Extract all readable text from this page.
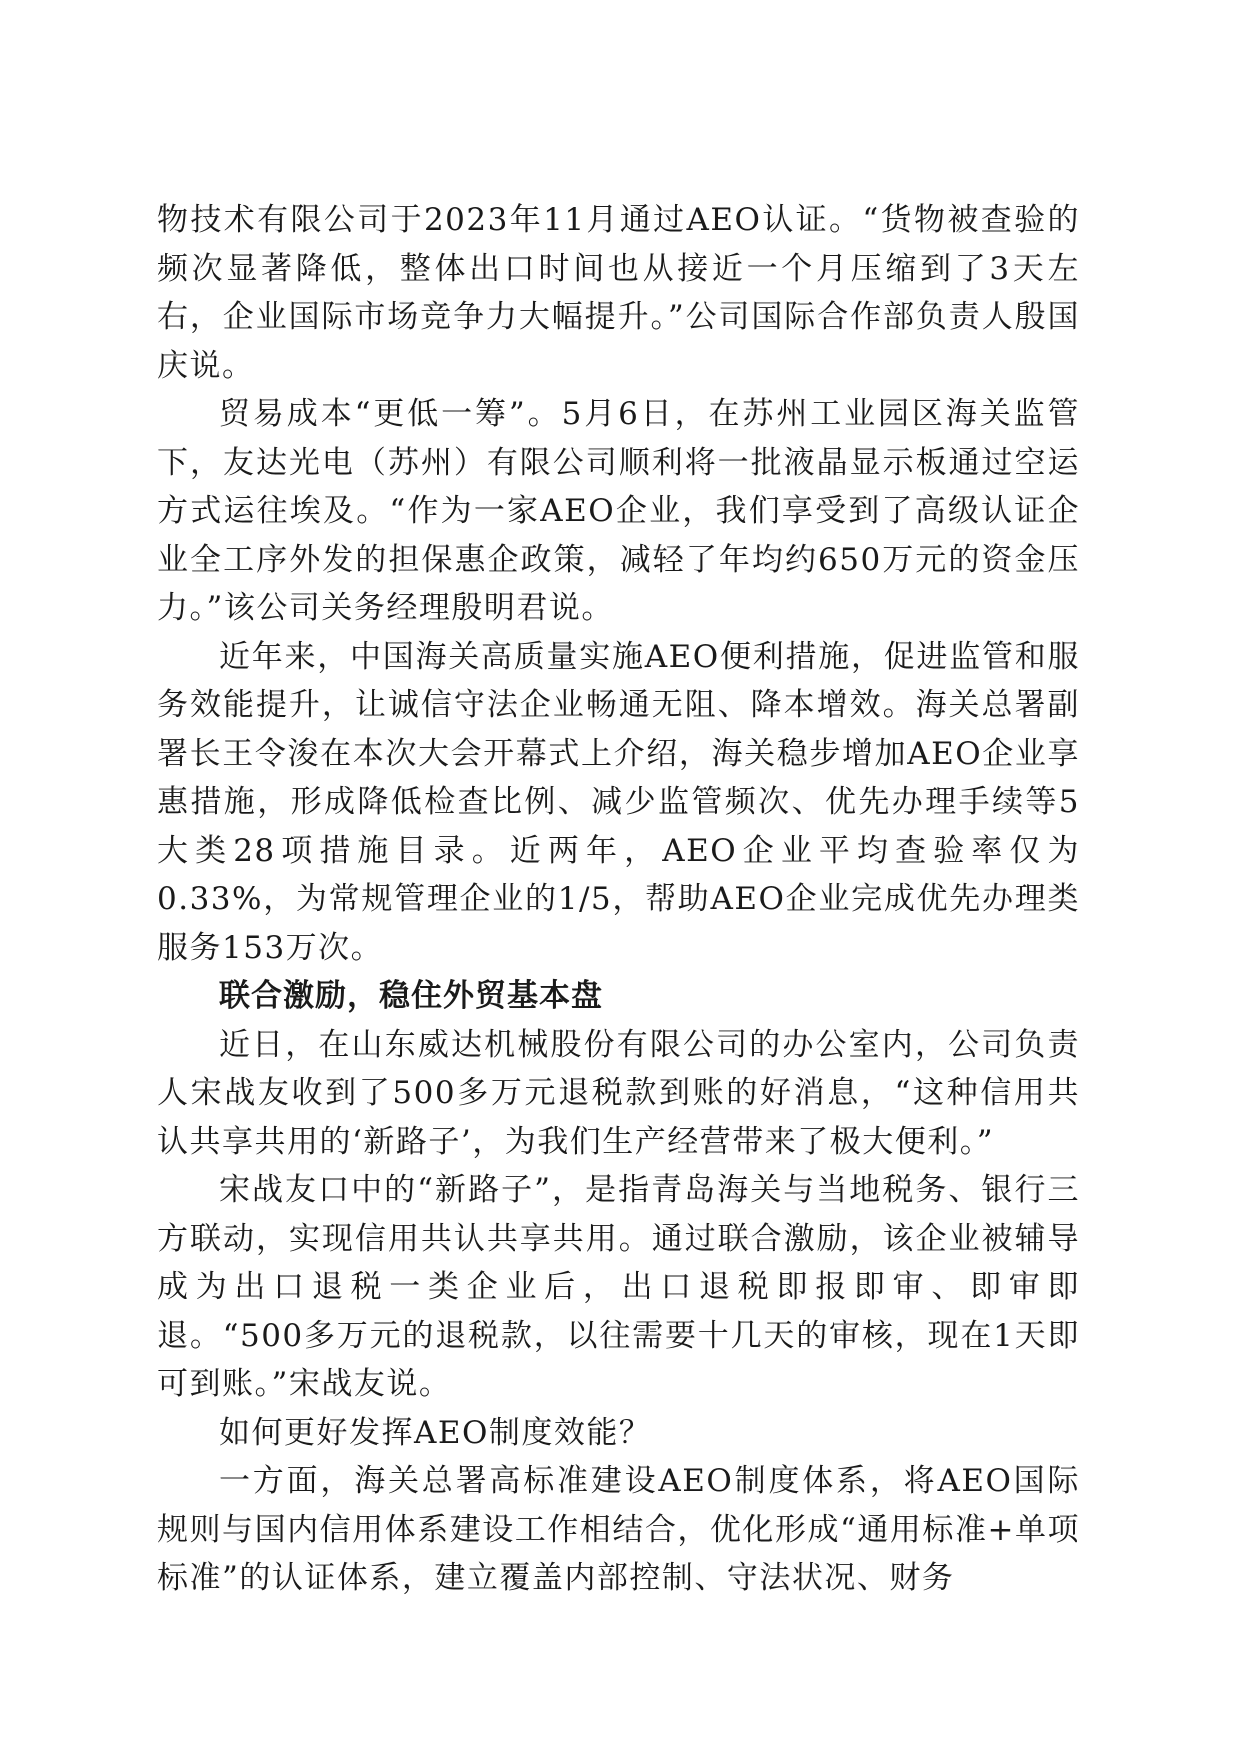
物技术有限公司于2023年11月通过AEO认证。“货物被查验的频次显著降低，整体出口时间也从接近一个月压缩到了3天左右，企业国际市场竞争力大幅提升。”公司国际合作部负责人殷国庆说。

贸易成本“更低一筹”。5月6日，在苏州工业园区海关监管下，友达光电（苏州）有限公司顺利将一批液晶显示板通过空运方式运往埃及。“作为一家AEO企业，我们享受到了高级认证企业全工序外发的担保惠企政策，减轻了年均约650万元的资金压力。”该公司关务经理殷明君说。

近年来，中国海关高质量实施AEO便利措施，促进监管和服务效能提升，让诚信守法企业畅通无阻、降本增效。海关总署副署长王令浚在本次大会开幕式上介绍，海关稳步增加AEO企业享惠措施，形成降低检查比例、减少监管频次、优先办理手续等5大类28项措施目录。近两年，AEO企业平均查验率仅为0.33%，为常规管理企业的1/5，帮助AEO企业完成优先办理类服务153万次。

联合激励，稳住外贸基本盘

近日，在山东威达机械股份有限公司的办公室内，公司负责人宋战友收到了500多万元退税款到账的好消息，“这种信用共认共享共用的‘新路子’，为我们生产经营带来了极大便利。”

宋战友口中的“新路子”，是指青岛海关与当地税务、银行三方联动，实现信用共认共享共用。通过联合激励，该企业被辅导成为出口退税一类企业后，出口退税即报即审、即审即退。“500多万元的退税款，以往需要十几天的审核，现在1天即可到账。”宋战友说。

如何更好发挥AEO制度效能？

一方面，海关总署高标准建设AEO制度体系，将AEO国际规则与国内信用体系建设工作相结合，优化形成“通用标准+单项标准”的认证体系，建立覆盖内部控制、守法状况、财务
